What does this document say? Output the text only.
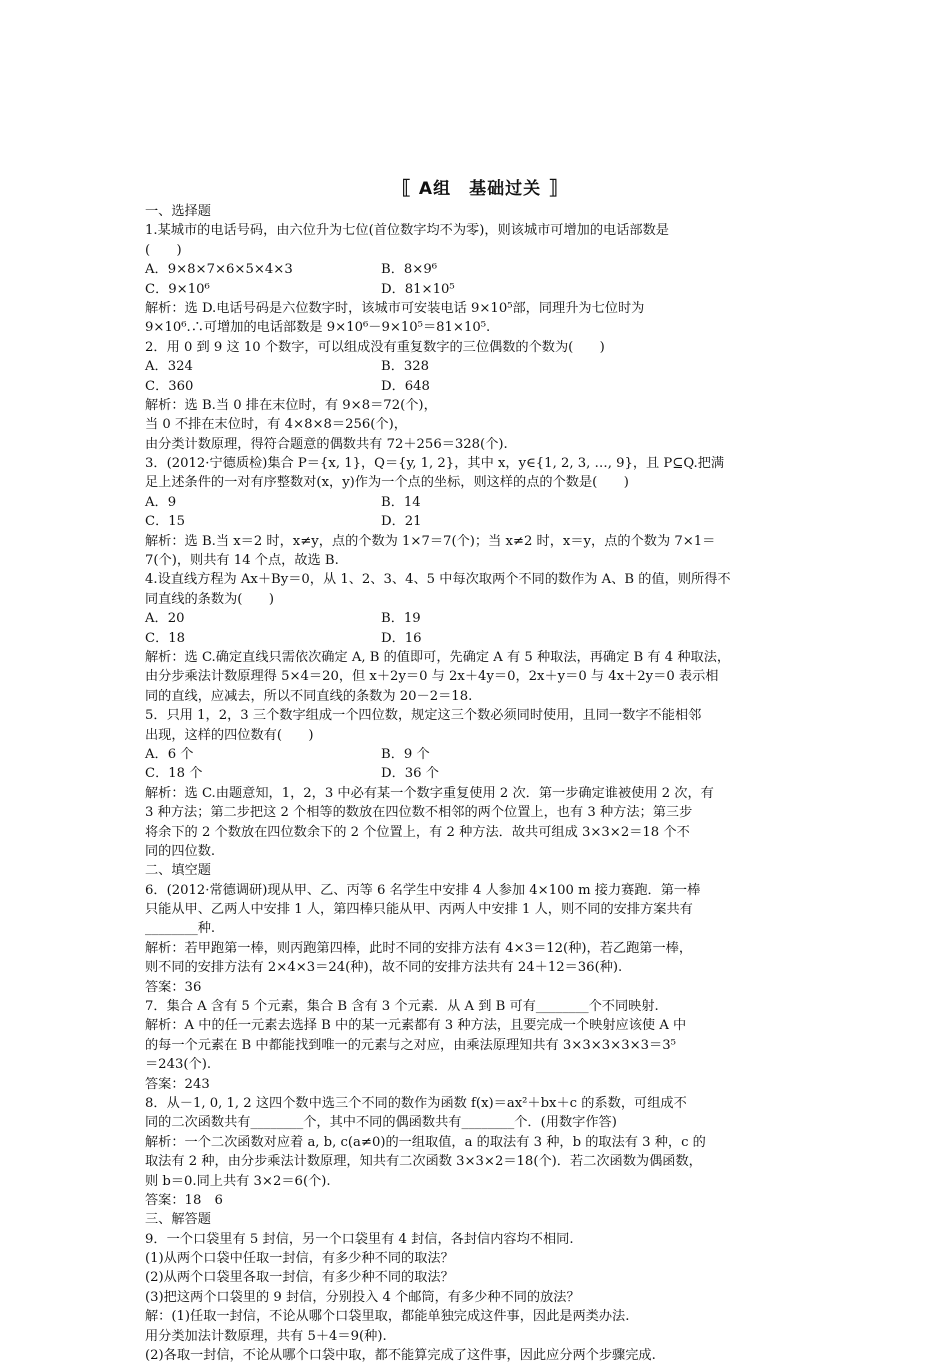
⟦ A组　基础过关 ⟧
一、选择题
1.某城市的电话号码，由六位升为七位(首位数字均不为零)，则该城市可增加的电话部数是
(　　)
A．9×8×7×6×5×4×3	B．8×9⁶
C．9×10⁶	D．81×10⁵
解析：选 D.电话号码是六位数字时，该城市可安装电话 9×10⁵部，同理升为七位时为
9×10⁶.∴可增加的电话部数是 9×10⁶－9×10⁵＝81×10⁵.
2．用 0 到 9 这 10 个数字，可以组成没有重复数字的三位偶数的个数为(　　)
A．324	B．328
C．360	D．648
解析：选 B.当 0 排在末位时，有 9×8＝72(个)，
当 0 不排在末位时，有 4×8×8＝256(个)，
由分类计数原理，得符合题意的偶数共有 72＋256＝328(个).
3．(2012·宁德质检)集合 P＝{x, 1}，Q＝{y, 1, 2}，其中 x，y∈{1, 2, 3, …, 9}，且 P⊆Q.把满
足上述条件的一对有序整数对(x，y)作为一个点的坐标，则这样的点的个数是(　　)
A．9	B．14
C．15	D．21
解析：选 B.当 x＝2 时，x≠y，点的个数为 1×7＝7(个)；当 x≠2 时，x＝y，点的个数为 7×1＝
7(个)，则共有 14 个点，故选 B.
4.设直线方程为 Ax＋By＝0，从 1、2、3、4、5 中每次取两个不同的数作为 A、B 的值，则所得不
同直线的条数为(　　)
A．20	B．19
C．18	D．16
解析：选 C.确定直线只需依次确定 A, B 的值即可，先确定 A 有 5 种取法，再确定 B 有 4 种取法，
由分步乘法计数原理得 5×4＝20，但 x＋2y＝0 与 2x＋4y＝0，2x＋y＝0 与 4x＋2y＝0 表示相
同的直线，应减去，所以不同直线的条数为 20－2＝18.
5．只用 1，2，3 三个数字组成一个四位数，规定这三个数必须同时使用，且同一数字不能相邻
出现，这样的四位数有(　　)
A．6 个	B．9 个
C．18 个	D．36 个
解析：选 C.由题意知，1，2，3 中必有某一个数字重复使用 2 次．第一步确定谁被使用 2 次，有
3 种方法；第二步把这 2 个相等的数放在四位数不相邻的两个位置上，也有 3 种方法；第三步
将余下的 2 个数放在四位数余下的 2 个位置上，有 2 种方法．故共可组成 3×3×2＝18 个不
同的四位数.
二、填空题
6．(2012·常德调研)现从甲、乙、丙等 6 名学生中安排 4 人参加 4×100 m 接力赛跑．第一棒
只能从甲、乙两人中安排 1 人，第四棒只能从甲、丙两人中安排 1 人，则不同的安排方案共有
________种.
解析：若甲跑第一棒，则丙跑第四棒，此时不同的安排方法有 4×3＝12(种)，若乙跑第一棒，
则不同的安排方法有 2×4×3＝24(种)，故不同的安排方法共有 24＋12＝36(种).
答案：36
7．集合 A 含有 5 个元素，集合 B 含有 3 个元素．从 A 到 B 可有________个不同映射.
解析：A 中的任一元素去选择 B 中的某一元素都有 3 种方法，且要完成一个映射应该使 A 中
的每一个元素在 B 中都能找到唯一的元素与之对应，由乘法原理知共有 3×3×3×3×3＝3⁵
＝243(个).
答案：243
8．从－1, 0, 1, 2 这四个数中选三个不同的数作为函数 f(x)＝ax²＋bx＋c 的系数，可组成不
同的二次函数共有________个，其中不同的偶函数共有________个．(用数字作答)
解析：一个二次函数对应着 a, b, c(a≠0)的一组取值，a 的取法有 3 种，b 的取法有 3 种，c 的
取法有 2 种，由分步乘法计数原理，知共有二次函数 3×3×2＝18(个)．若二次函数为偶函数，
则 b＝0.同上共有 3×2＝6(个).
答案：18　6
三、解答题
9．一个口袋里有 5 封信，另一个口袋里有 4 封信，各封信内容均不相同.
(1)从两个口袋中任取一封信，有多少种不同的取法？
(2)从两个口袋里各取一封信，有多少种不同的取法？
(3)把这两个口袋里的 9 封信，分别投入 4 个邮筒，有多少种不同的放法？
解：(1)任取一封信，不论从哪个口袋里取，都能单独完成这件事，因此是两类办法.
用分类加法计数原理，共有 5＋4＝9(种).
(2)各取一封信，不论从哪个口袋中取，都不能算完成了这件事，因此应分两个步骤完成.
